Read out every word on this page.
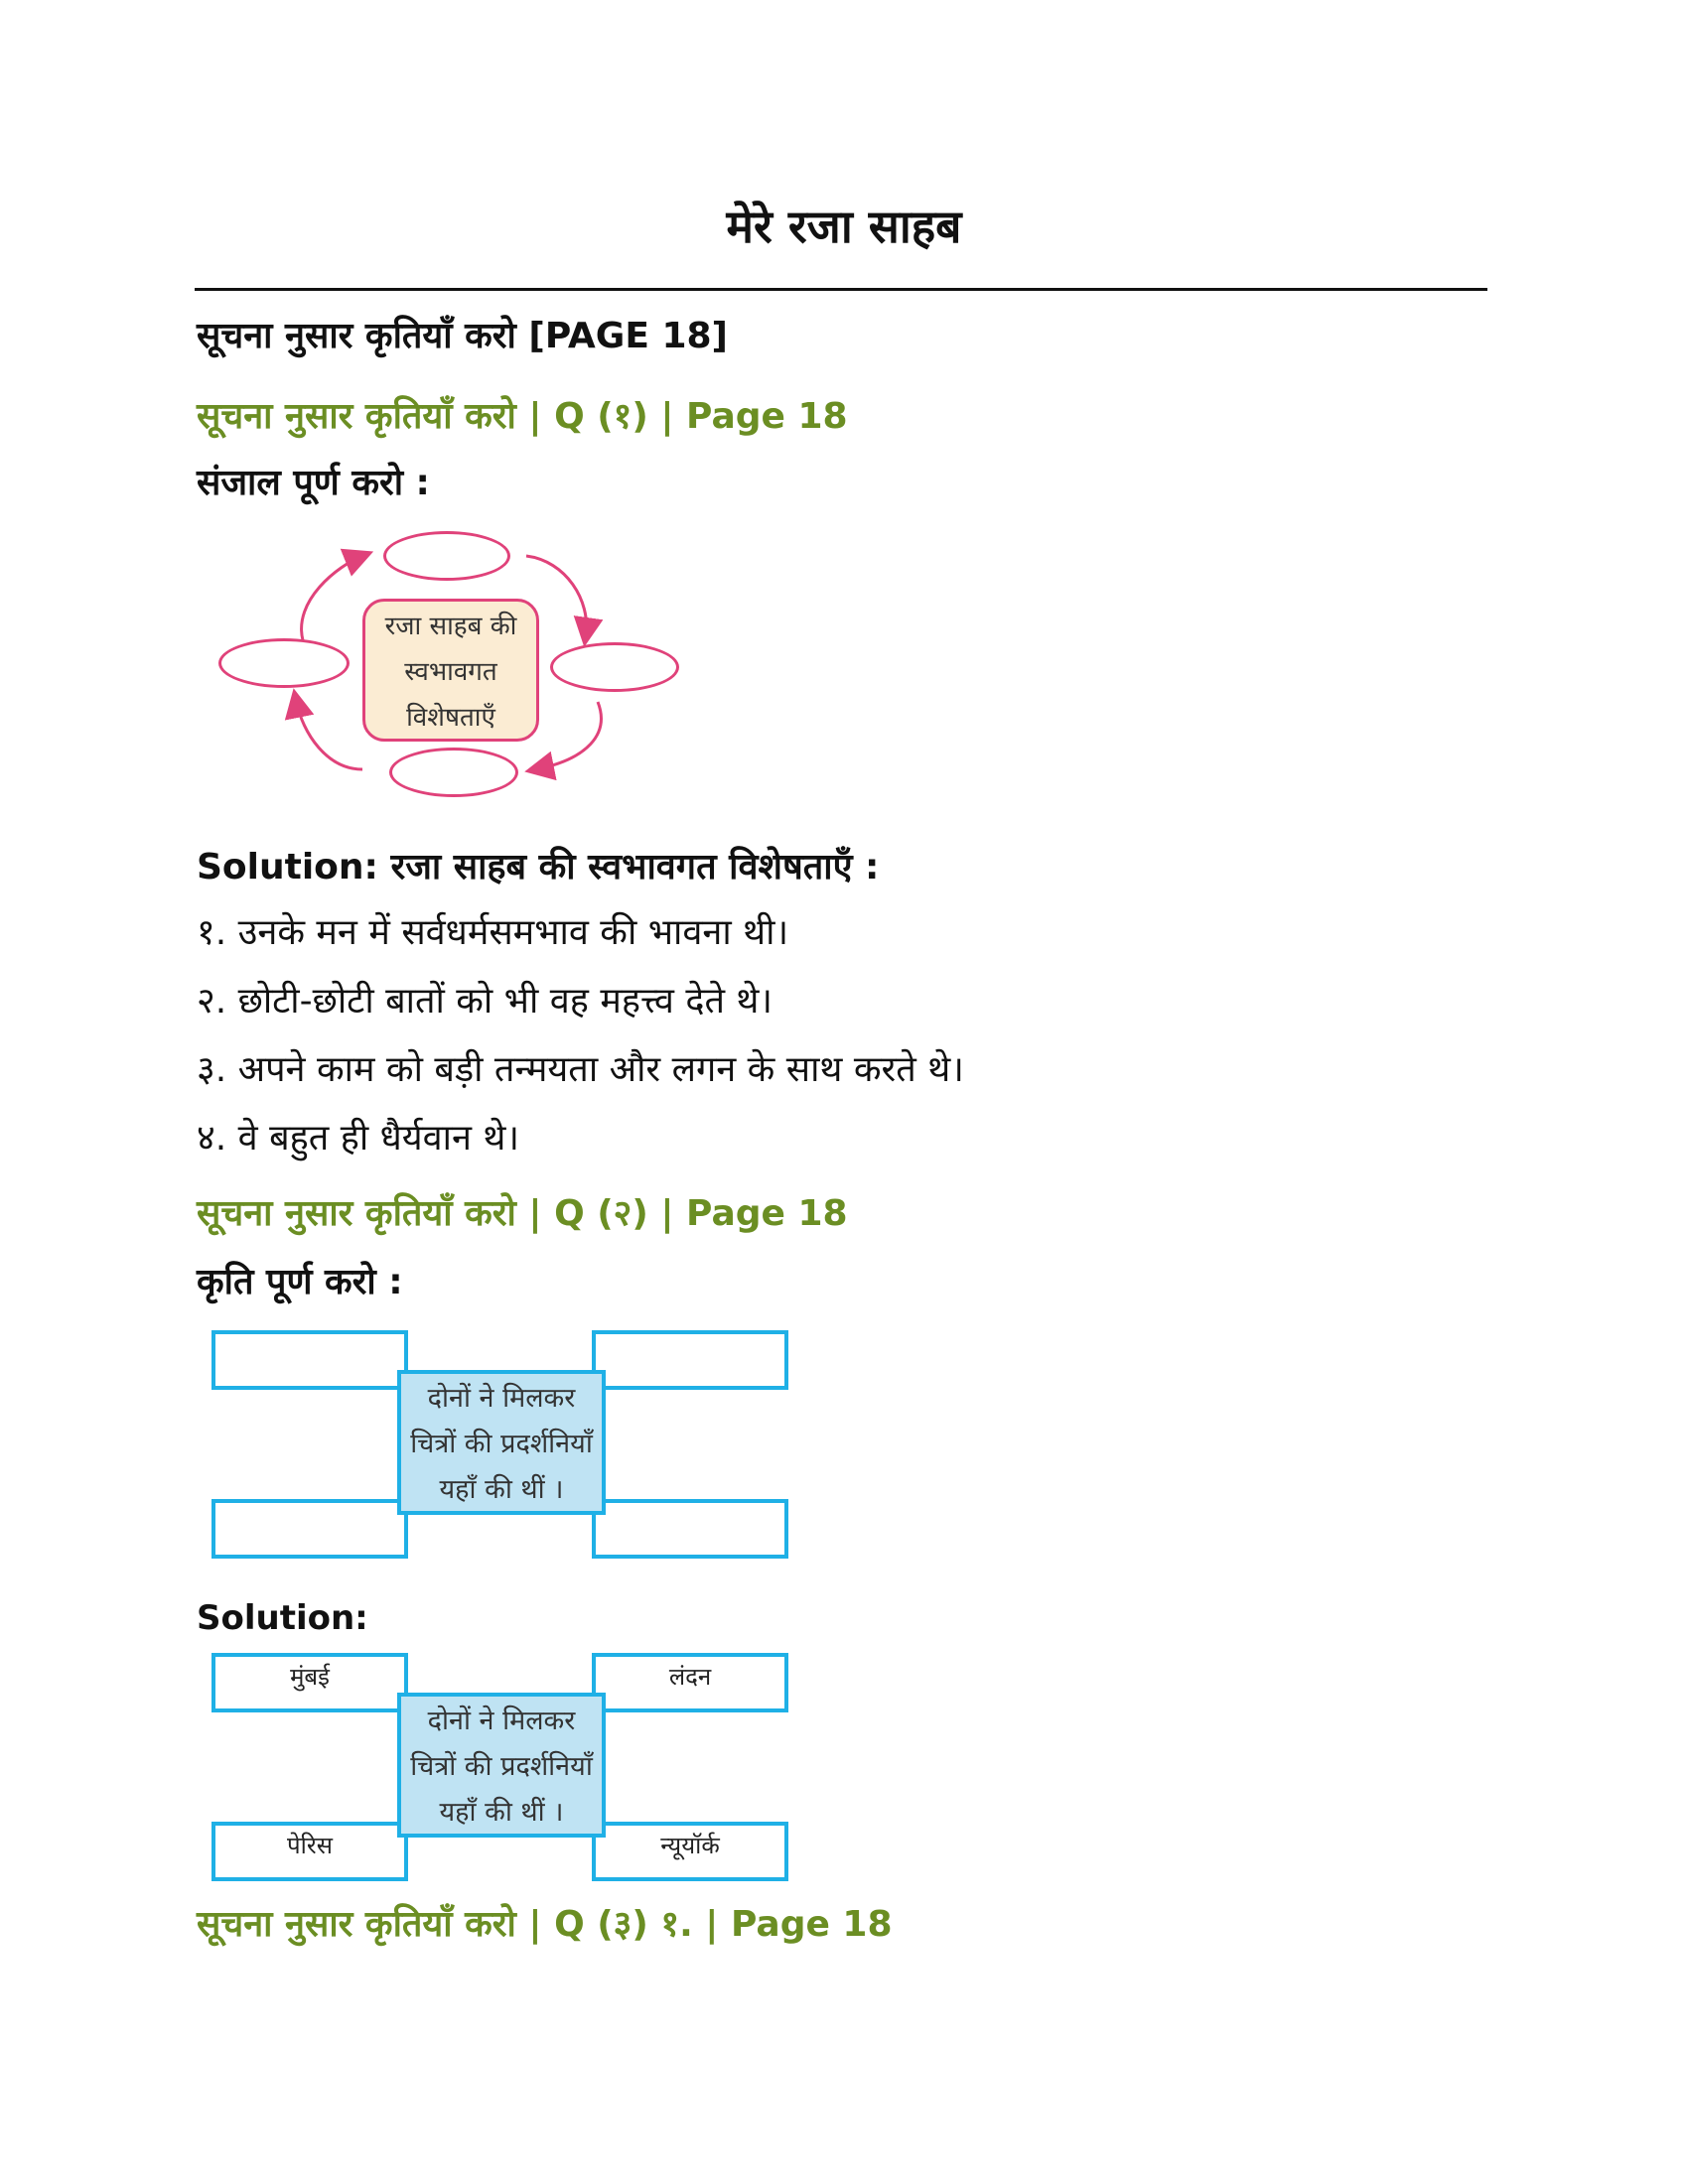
मेरे रजा साहब
सूचना नुसार कृतियाँ करो [PAGE 18]
सूचना नुसार कृतियाँ करो | Q (१) | Page 18
संजाल पूर्ण करो :
रजा साहब की
स्वभावगत
विशेषताएँ
Solution: रजा साहब की स्वभावगत विशेषताएँ :
१. उनके मन में सर्वधर्मसमभाव की भावना थी।
२. छोटी-छोटी बातों को भी वह महत्त्व देते थे।
३. अपने काम को बड़ी तन्मयता और लगन के साथ करते थे।
४. वे बहुत ही धैर्यवान थे।
सूचना नुसार कृतियाँ करो | Q (२) | Page 18
कृति पूर्ण करो :
दोनों ने मिलकर
चित्रों की प्रदर्शनियाँ
यहाँ की थीं ।
Solution:
मुंबई	लंदन
पेरिस	न्यूयॉर्क
दोनों ने मिलकर
चित्रों की प्रदर्शनियाँ
यहाँ की थीं ।
सूचना नुसार कृतियाँ करो | Q (३) १. | Page 18
